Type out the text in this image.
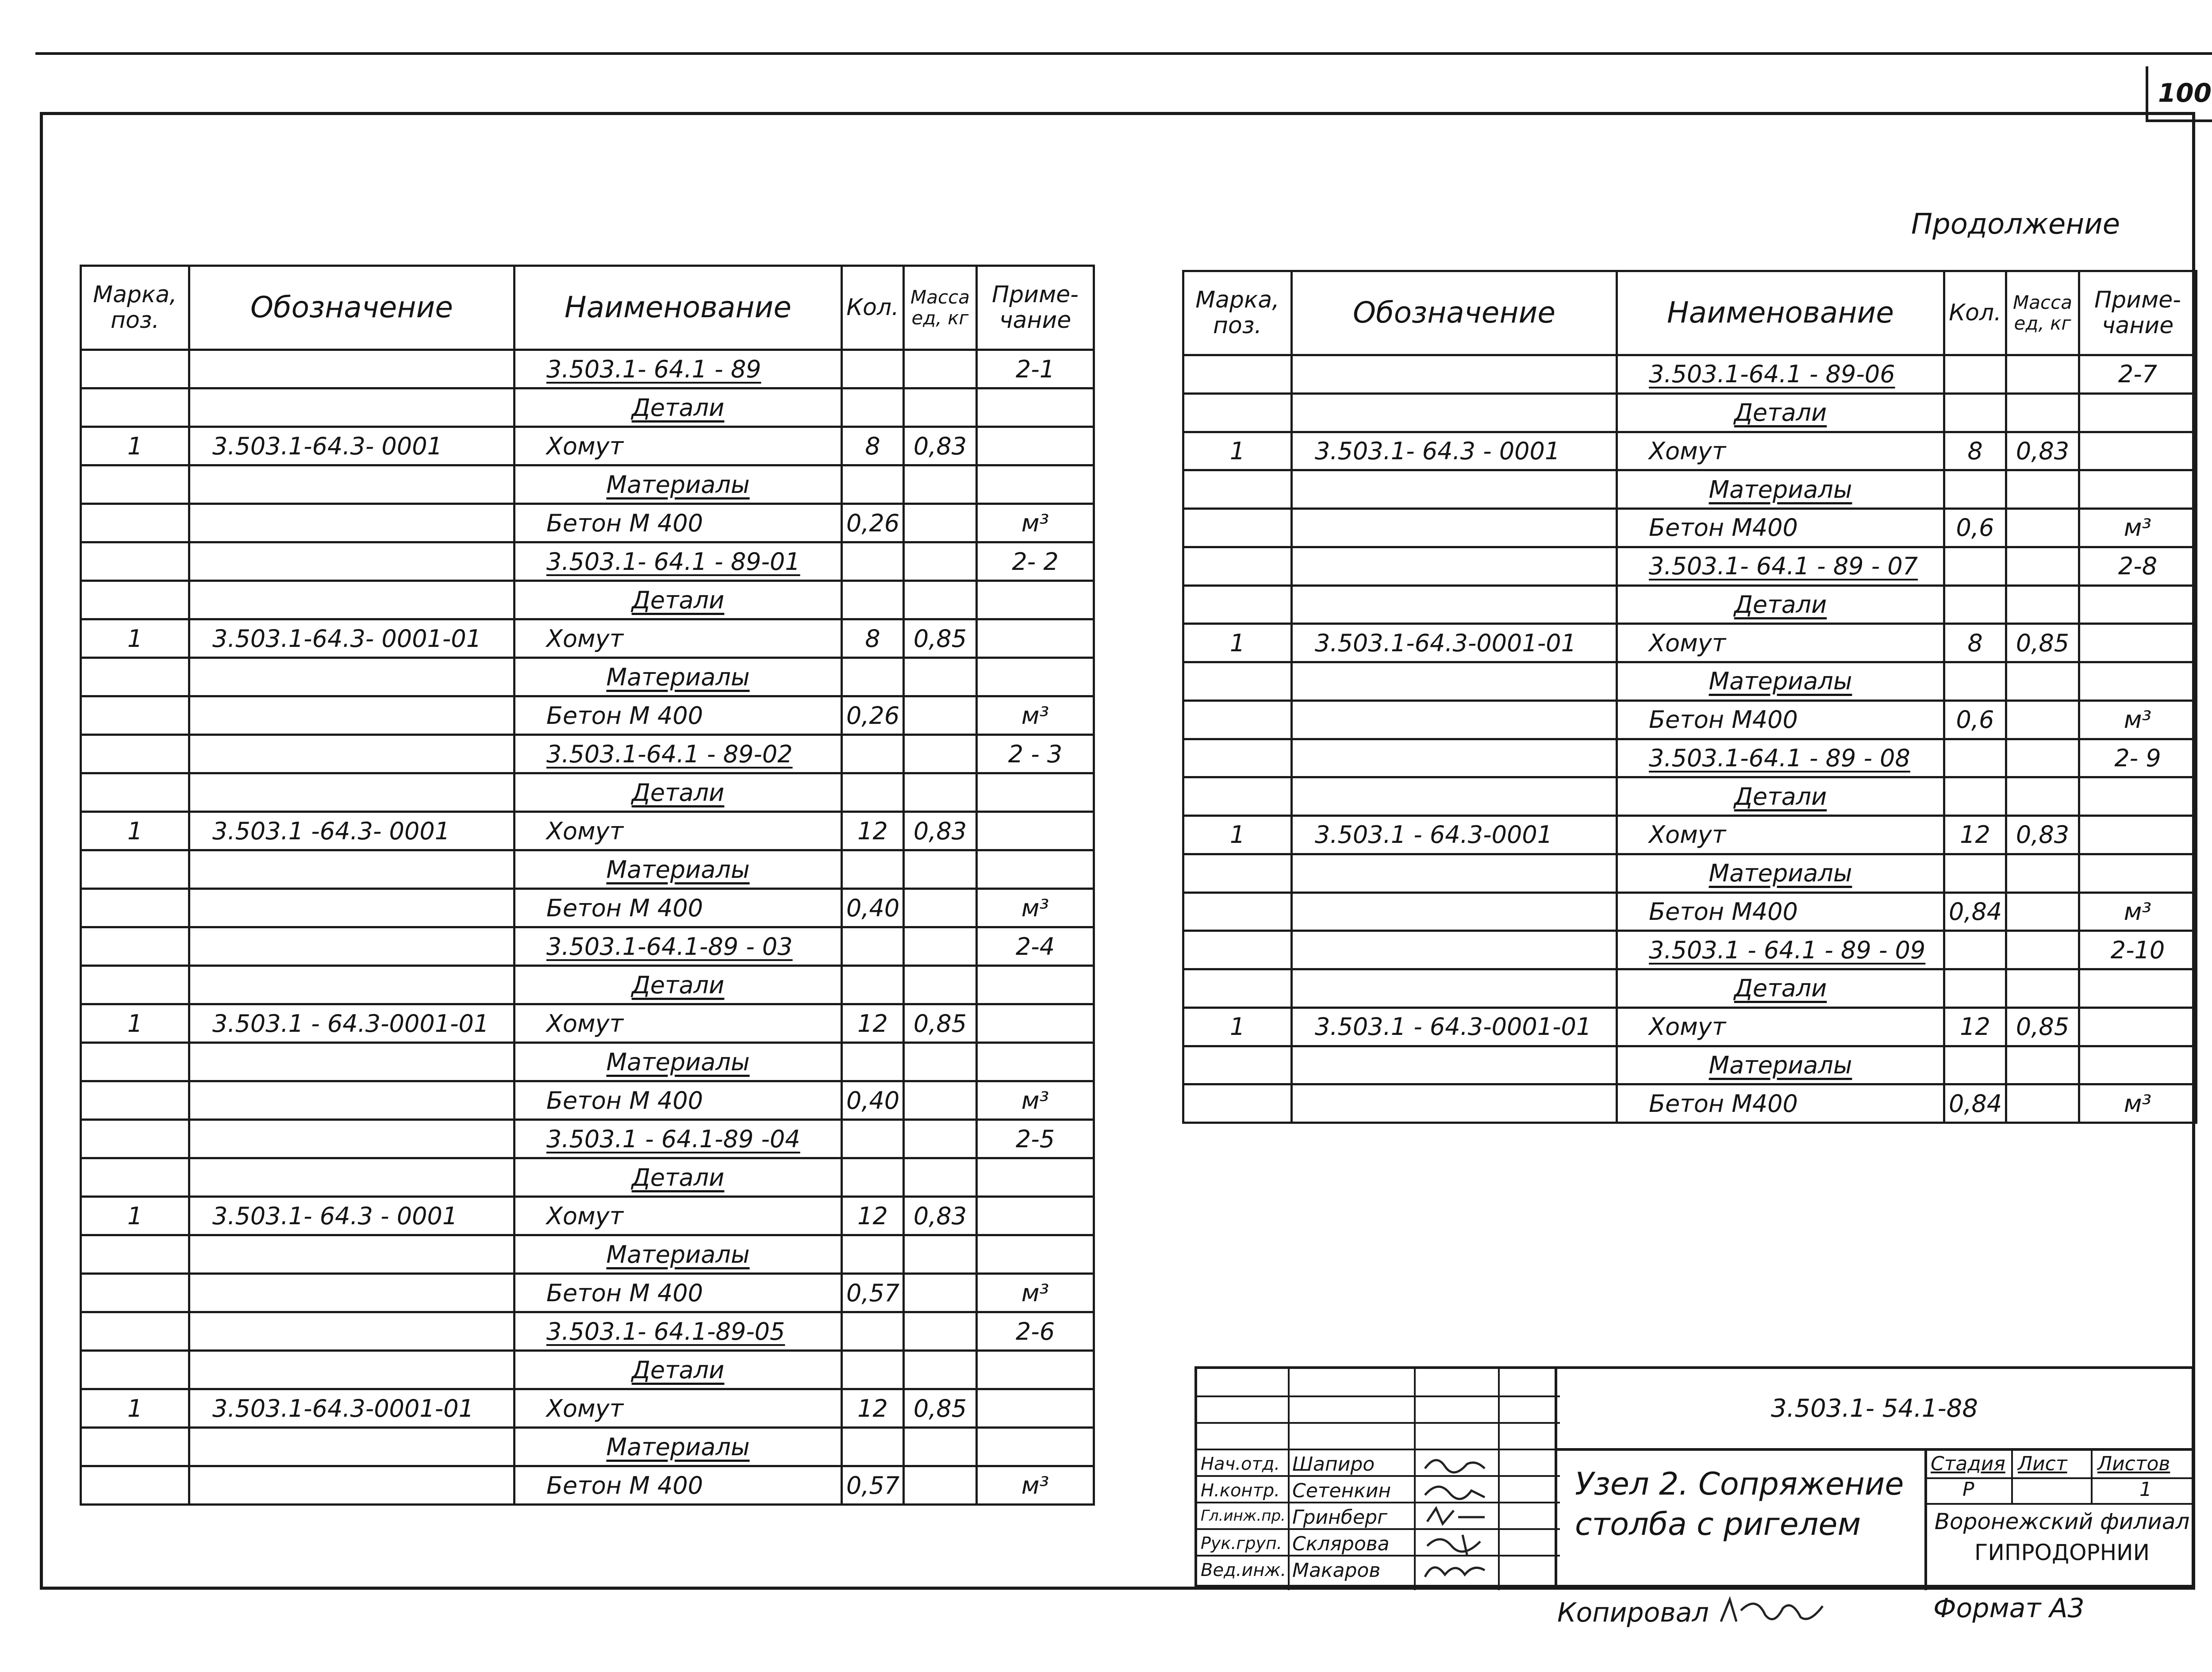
100
Продолжение
Марка, поз.	Обозначение	Наименование	Кол.	Масса ед, кг	Приме- чание
		3.503.1- 64.1 - 89			2-1
		Детали			
1	3.503.1-64.3- 0001	Хомут	8	0,83	
		Материалы			
		Бетон М 400	0,26		м³
		3.503.1- 64.1 - 89-01			2- 2
		Детали			
1	3.503.1-64.3- 0001-01	Хомут	8	0,85	
		Материалы			
		Бетон М 400	0,26		м³
		3.503.1-64.1 - 89-02			2 - 3
		Детали			
1	3.503.1 -64.3- 0001	Хомут	12	0,83	
		Материалы			
		Бетон М 400	0,40		м³
		3.503.1-64.1-89 - 03			2-4
		Детали			
1	3.503.1 - 64.3-0001-01	Хомут	12	0,85	
		Материалы			
		Бетон М 400	0,40		м³
		3.503.1 - 64.1-89 -04			2-5
		Детали			
1	3.503.1- 64.3 - 0001	Хомут	12	0,83	
		Материалы			
		Бетон М 400	0,57		м³
		3.503.1- 64.1-89-05			2-6
		Детали			
1	3.503.1-64.3-0001-01	Хомут	12	0,85	
		Материалы			
		Бетон М 400	0,57		м³
Марка, поз.	Обозначение	Наименование	Кол.	Масса ед, кг	Приме- чание
		3.503.1-64.1 - 89-06			2-7
		Детали			
1	3.503.1- 64.3 - 0001	Хомут	8	0,83	
		Материалы			
		Бетон М400	0,6		м³
		3.503.1- 64.1 - 89 - 07			2-8
		Детали			
1	3.503.1-64.3-0001-01	Хомут	8	0,85	
		Материалы			
		Бетон М400	0,6		м³
		3.503.1-64.1 - 89 - 08			2- 9
		Детали			
1	3.503.1 - 64.3-0001	Хомут	12	0,83	
		Материалы			
		Бетон М400	0,84		м³
		3.503.1 - 64.1 - 89 - 09			2-10
		Детали			
1	3.503.1 - 64.3-0001-01	Хомут	12	0,85	
		Материалы			
		Бетон М400	0,84		м³
Нач.отд. Шапиро
Н.контр. Сетенкин
Гл.инж.пр. Гринберг
Рук.груп. Склярова
Вед.инж. Макаров
3.503.1- 54.1-88
Узел 2. Сопряжение столба с ригелем
Стадия Лист Листов
Р	1
Воронежский филиал
ГИПРОДОРНИИ
Копировал	Формат А3
